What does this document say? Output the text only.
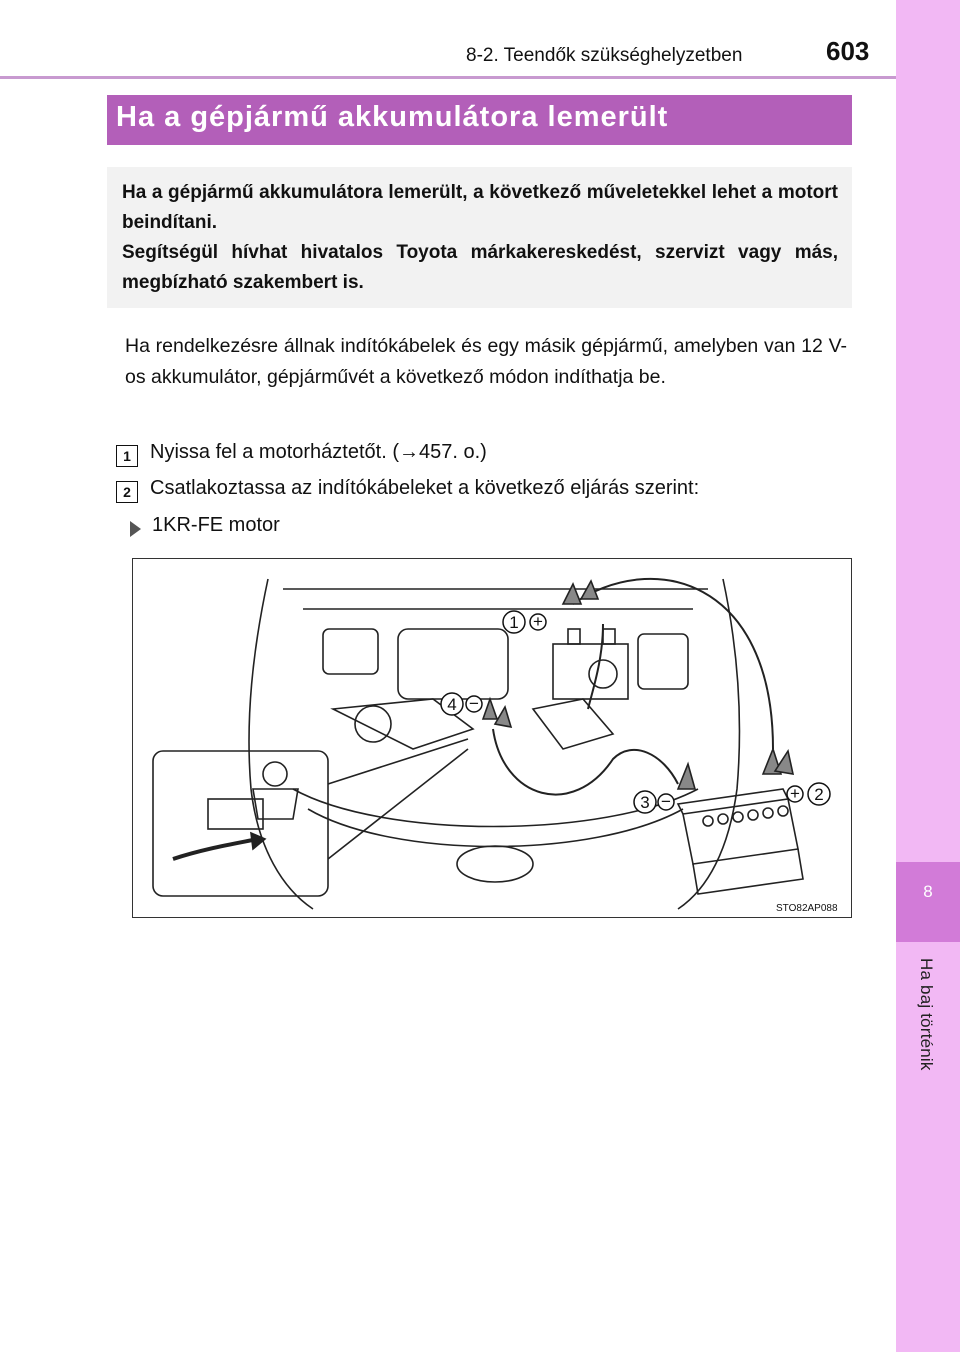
8
Ha baj történik
8-2. Teendők szükséghelyzetben	603
Ha a gépjármű akkumulátora lemerült

Ha a gépjármű akkumulátora lemerült, a következő műveletekkel lehet a motort beindítani.

Segítségül hívhat hivatalos Toyota márkakereskedést, szervizt vagy más, megbízható szakembert is.

Ha rendelkezésre állnak indítókábelek és egy másik gépjármű, amelyben van 12 V-os akkumulátor, gépjárművét a következő módon indíthatja be.
1 Nyissa fel a motorháztetőt. (→457. o.)
2 Csatlakoztassa az indítókábeleket a következő eljárás szerint:
1KR-FE motor
1 +
2
+
3 −
4 −
STO82AP088
